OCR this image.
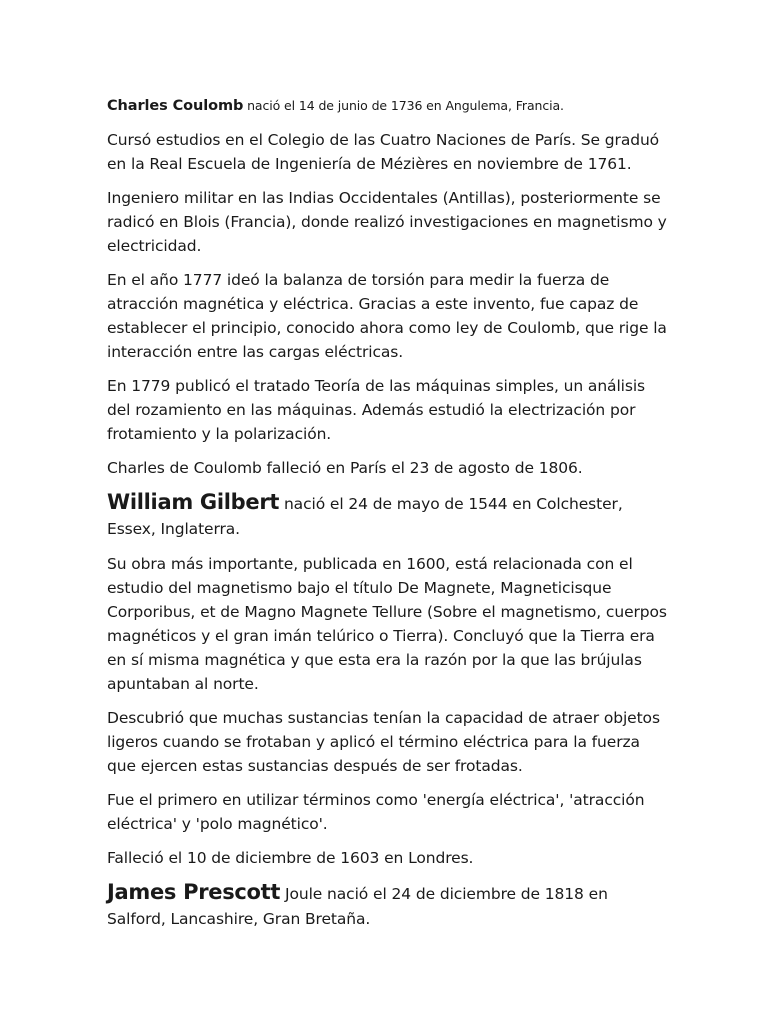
Charles Coulomb nació el 14 de junio de 1736 en Angulema, Francia.

Cursó estudios en el Colegio de las Cuatro Naciones de París. Se graduó en la Real Escuela de Ingeniería de Mézières en noviembre de 1761.

Ingeniero militar en las Indias Occidentales (Antillas), posteriormente se radicó en Blois (Francia), donde realizó investigaciones en magnetismo y electricidad.

En el año 1777 ideó la balanza de torsión para medir la fuerza de atracción magnética y eléctrica. Gracias a este invento, fue capaz de establecer el principio, conocido ahora como ley de Coulomb, que rige la interacción entre las cargas eléctricas.

En 1779 publicó el tratado Teoría de las máquinas simples, un análisis del rozamiento en las máquinas. Además estudió la electrización por frotamiento y la polarización.

Charles de Coulomb falleció en París el 23 de agosto de 1806.

William Gilbert nació el 24 de mayo de 1544 en Colchester, Essex, Inglaterra.

Su obra más importante, publicada en 1600, está relacionada con el estudio del magnetismo bajo el título De Magnete, Magneticisque Corporibus, et de Magno Magnete Tellure (Sobre el magnetismo, cuerpos magnéticos y el gran imán telúrico o Tierra). Concluyó que la Tierra era en sí misma magnética y que esta era la razón por la que las brújulas apuntaban al norte.

Descubrió que muchas sustancias tenían la capacidad de atraer objetos ligeros cuando se frotaban y aplicó el término eléctrica para la fuerza que ejercen estas sustancias después de ser frotadas.

Fue el primero en utilizar términos como 'energía eléctrica', 'atracción eléctrica' y 'polo magnético'.

Falleció el 10 de diciembre de 1603 en Londres.

James Prescott Joule nació el 24 de diciembre de 1818 en Salford, Lancashire, Gran Bretaña.
